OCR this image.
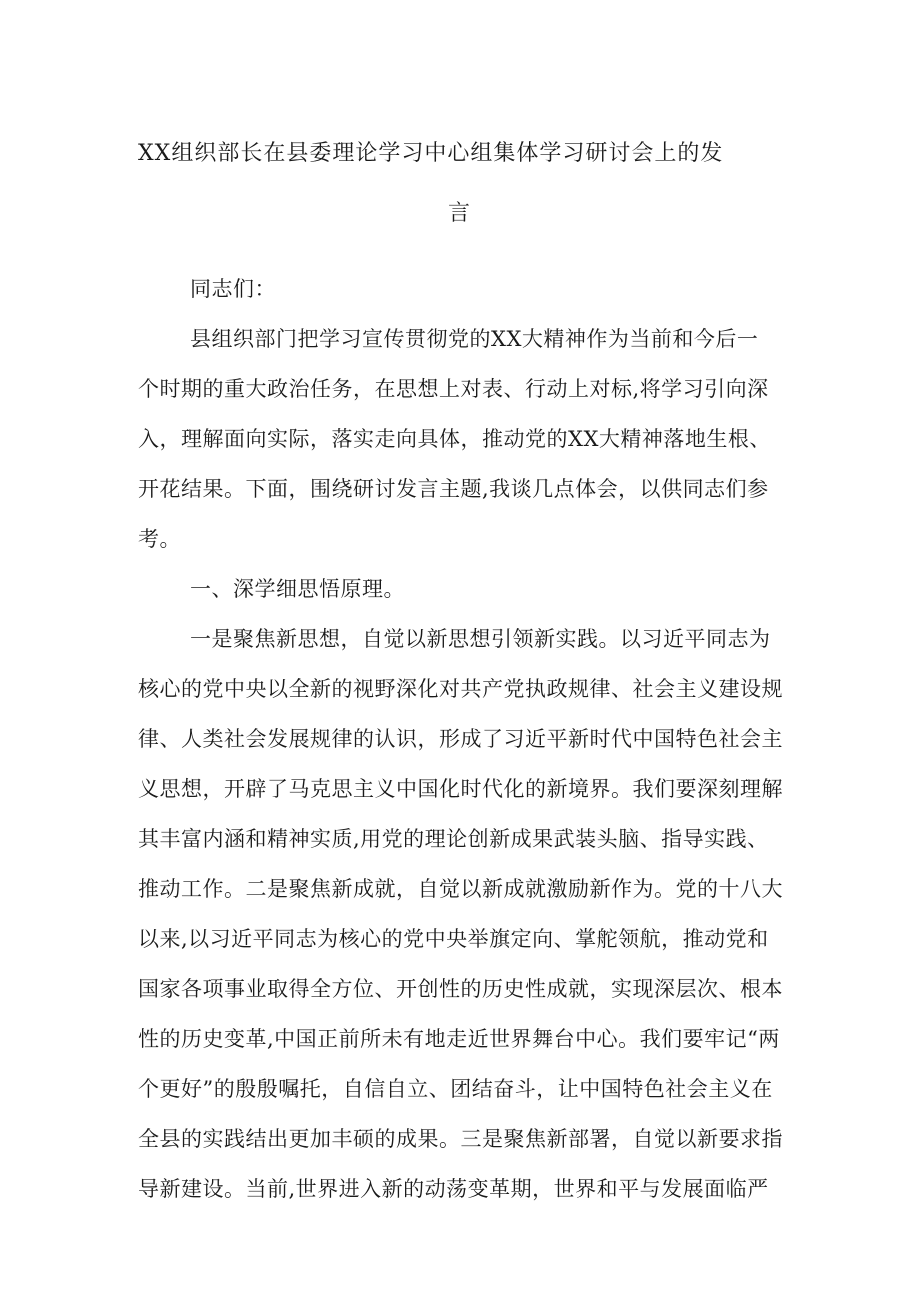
XX组织部长在县委理论学习中心组集体学习研讨会上的发
言
同志们：
县组织部门把学习宣传贯彻党的XX大精神作为当前和今后一
个时期的重大政治任务，在思想上对表、行动上对标,将学习引向深
入，理解面向实际，落实走向具体，推动党的XX大精神落地生根、
开花结果。下面，围绕研讨发言主题,我谈几点体会，以供同志们参
考。
一、深学细思悟原理。
一是聚焦新思想，自觉以新思想引领新实践。以习近平同志为
核心的党中央以全新的视野深化对共产党执政规律、社会主义建设规
律、人类社会发展规律的认识，形成了习近平新时代中国特色社会主
义思想，开辟了马克思主义中国化时代化的新境界。我们要深刻理解
其丰富内涵和精神实质,用党的理论创新成果武装头脑、指导实践、
推动工作。二是聚焦新成就，自觉以新成就激励新作为。党的十八大
以来,以习近平同志为核心的党中央举旗定向、掌舵领航，推动党和
国家各项事业取得全方位、开创性的历史性成就，实现深层次、根本
性的历史变革,中国正前所未有地走近世界舞台中心。我们要牢记“两
个更好”的殷殷嘱托，自信自立、团结奋斗，让中国特色社会主义在
全县的实践结出更加丰硕的成果。三是聚焦新部署，自觉以新要求指
导新建设。当前,世界进入新的动荡变革期，世界和平与发展面临严
